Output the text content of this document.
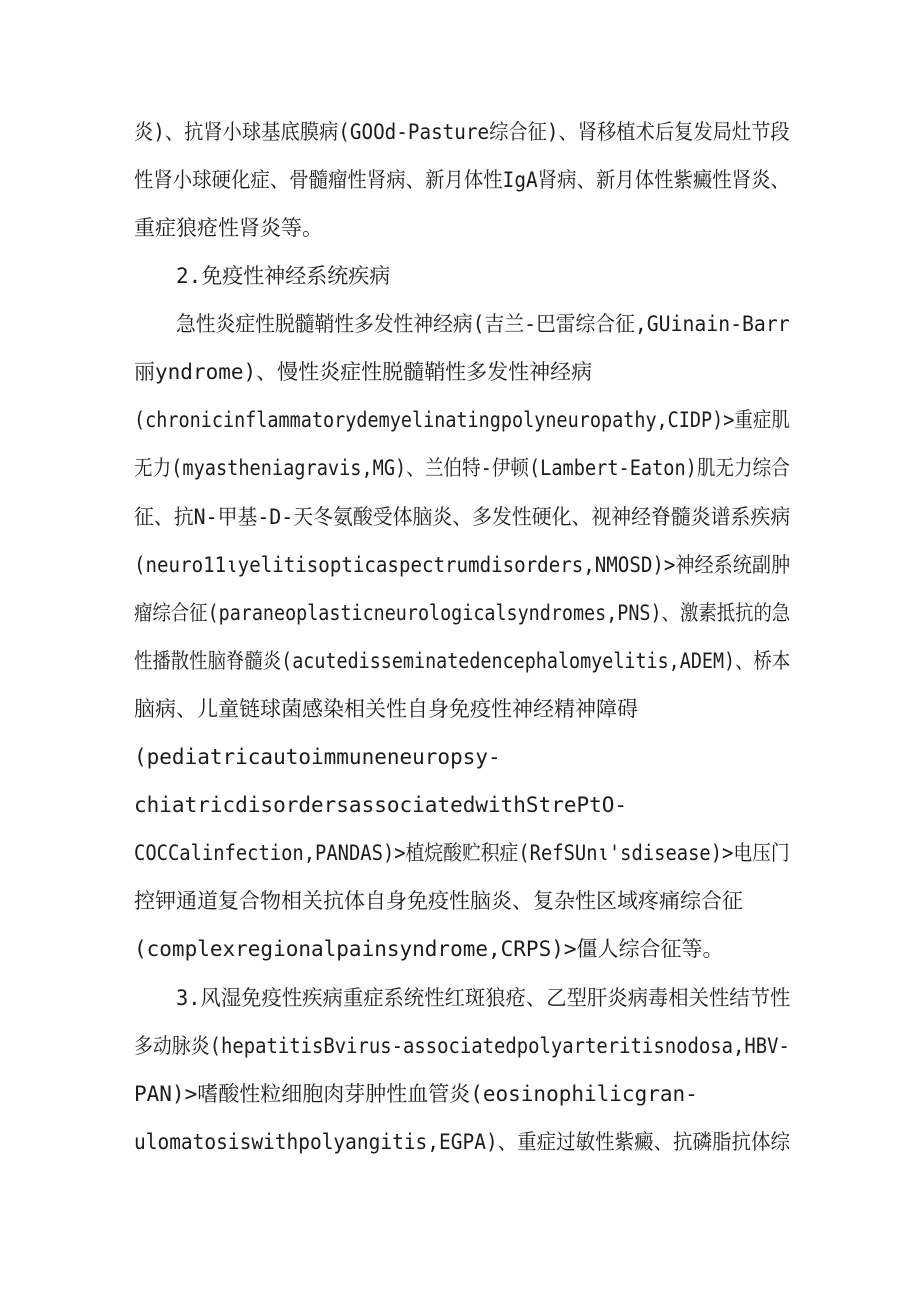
炎)、抗肾小球基底膜病(GOOd-Pasture综合征)、肾移植术后复发局灶节段
性肾小球硬化症、骨髓瘤性肾病、新月体性IgA肾病、新月体性紫癜性肾炎、
重症狼疮性肾炎等。
2.免疫性神经系统疾病
急性炎症性脱髓鞘性多发性神经病(吉兰-巴雷综合征,GUinain-Barr
丽yndrome)、慢性炎症性脱髓鞘性多发性神经病
(chronicinflammatorydemyelinatingpolyneuropathy,CIDP)>重症肌
无力(myastheniagravis,MG)、兰伯特-伊顿(Lambert-Eaton)肌无力综合
征、抗N-甲基-D-天冬氨酸受体脑炎、多发性硬化、视神经脊髓炎谱系疾病
(neuro11ιyelitisopticaspectrumdisorders,NMOSD)>神经系统副肿
瘤综合征(paraneoplasticneurologicalsyndromes,PNS)、激素抵抗的急
性播散性脑脊髓炎(acutedisseminatedencephalomyelitis,ADEM)、桥本
脑病、儿童链球菌感染相关性自身免疫性神经精神障碍
(pediatricautoimmuneneuropsy-
chiatricdisordersassociatedwithStrePtO-
COCCalinfection,PANDAS)>植烷酸贮积症(RefSUnι'sdisease)>电压门
控钾通道复合物相关抗体自身免疫性脑炎、复杂性区域疼痛综合征
(complexregionalpainsyndrome,CRPS)>僵人综合征等。
3.风湿免疫性疾病重症系统性红斑狼疮、乙型肝炎病毒相关性结节性
多动脉炎(hepatitisBvirus-associatedpolyarteritisnodosa,HBV-
PAN)>嗜酸性粒细胞肉芽肿性血管炎(eosinophilicgran-
ulomatosiswithpolyangitis,EGPA)、重症过敏性紫癜、抗磷脂抗体综
